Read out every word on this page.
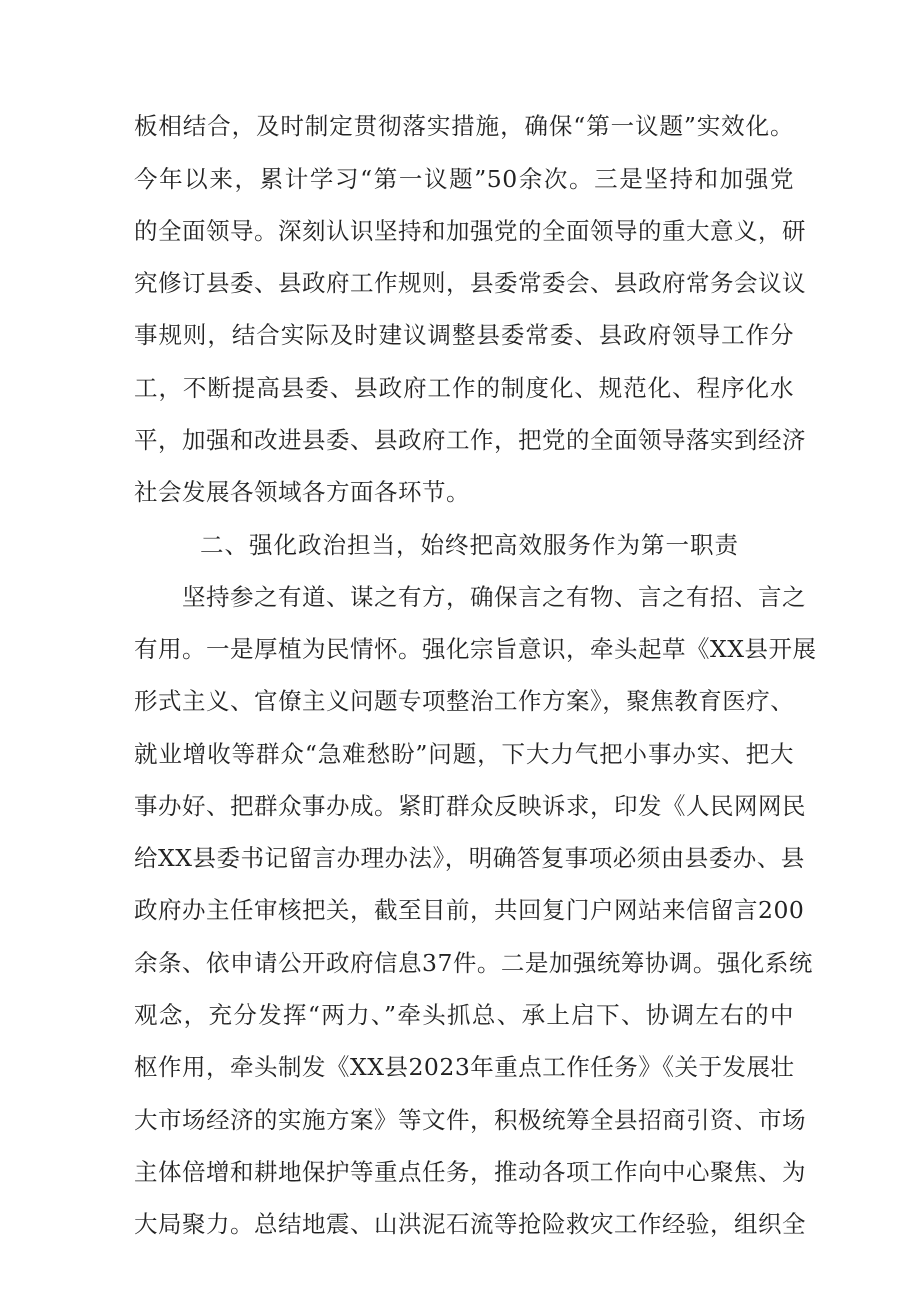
板相结合，及时制定贯彻落实措施，确保“第一议题”实效化。
今年以来，累计学习“第一议题”50余次。三是坚持和加强党
的全面领导。深刻认识坚持和加强党的全面领导的重大意义，研
究修订县委、县政府工作规则，县委常委会、县政府常务会议议
事规则，结合实际及时建议调整县委常委、县政府领导工作分
工，不断提高县委、县政府工作的制度化、规范化、程序化水
平，加强和改进县委、县政府工作，把党的全面领导落实到经济
社会发展各领域各方面各环节。
二、强化政治担当，始终把高效服务作为第一职责
坚持参之有道、谋之有方，确保言之有物、言之有招、言之
有用。一是厚植为民情怀。强化宗旨意识，牵头起草《XX县开展
形式主义、官僚主义问题专项整治工作方案》，聚焦教育医疗、
就业增收等群众“急难愁盼”问题，下大力气把小事办实、把大
事办好、把群众事办成。紧盯群众反映诉求，印发《人民网网民
给XX县委书记留言办理办法》，明确答复事项必须由县委办、县
政府办主任审核把关，截至目前，共回复门户网站来信留言200
余条、依申请公开政府信息37件。二是加强统筹协调。强化系统
观念，充分发挥“两力、”牵头抓总、承上启下、协调左右的中
枢作用，牵头制发《XX县2023年重点工作任务》《关于发展壮
大市场经济的实施方案》等文件，积极统筹全县招商引资、市场
主体倍增和耕地保护等重点任务，推动各项工作向中心聚焦、为
大局聚力。总结地震、山洪泥石流等抢险救灾工作经验，组织全
